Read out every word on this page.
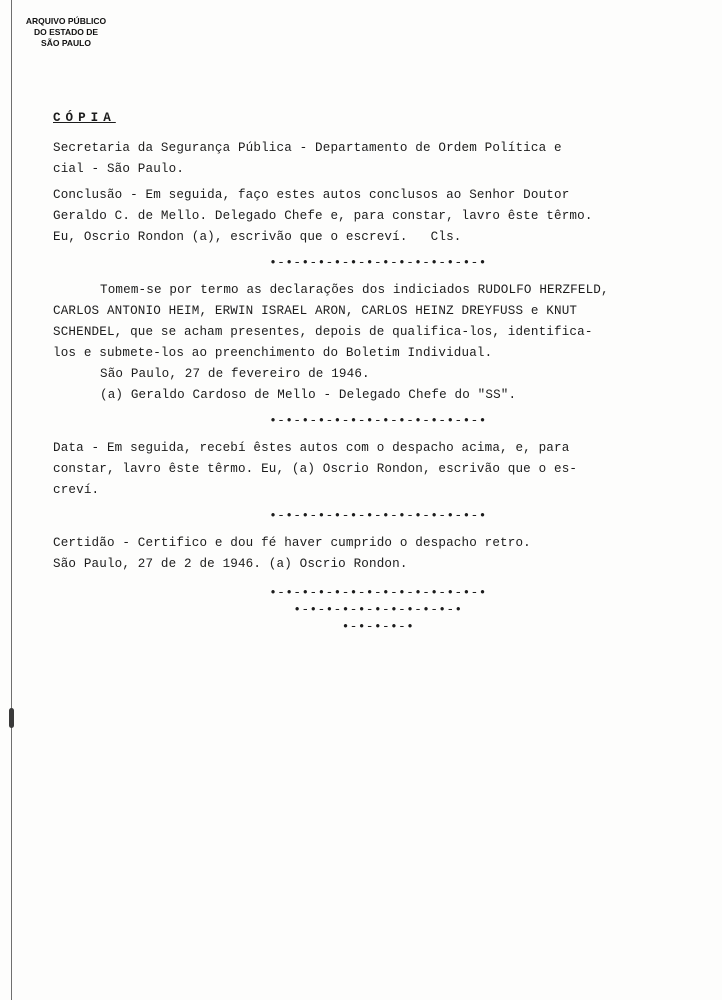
ARQUIVO PÚBLICO
DO ESTADO DE
SÃO PAULO
CÓPIA
Secretaria da Segurança Pública - Departamento de Ordem Política e
cial - São Paulo.
Conclusão - Em seguida, faço estes autos conclusos ao Senhor Doutor
Geraldo C. de Mello. Delegado Chefe e, para constar, lavro êste têrmo.
Eu, Oscrio Rondon (a), escrivão que o escreví.   Cls.
•-•-•-•-•-•-•-•-•-•-•-•-•-•
Tomem-se por termo as declarações dos indiciados RUDOLFO HERZFELD,
CARLOS ANTONIO HEIM, ERWIN ISRAEL ARON, CARLOS HEINZ DREYFUSS e KNUT
SCHENDEL, que se acham presentes, depois de qualifica-los, identifica-
los e submete-los ao preenchimento do Boletim Individual.
São Paulo, 27 de fevereiro de 1946.
(a) Geraldo Cardoso de Mello - Delegado Chefe do "SS".
•-•-•-•-•-•-•-•-•-•-•-•-•-•
Data - Em seguida, recebí êstes autos com o despacho acima, e, para
constar, lavro êste têrmo. Eu, (a) Oscrio Rondon, escrivão que o es-
creví.
•-•-•-•-•-•-•-•-•-•-•-•-•-•
Certidão - Certifico e dou fé haver cumprido o despacho retro.
São Paulo, 27 de 2 de 1946. (a) Oscrio Rondon.
•-•-•-•-•-•-•-•-•-•-•-•-•-•
•-•-•-•-•-•-•-•-•-•-•
•-•-•-•-•
